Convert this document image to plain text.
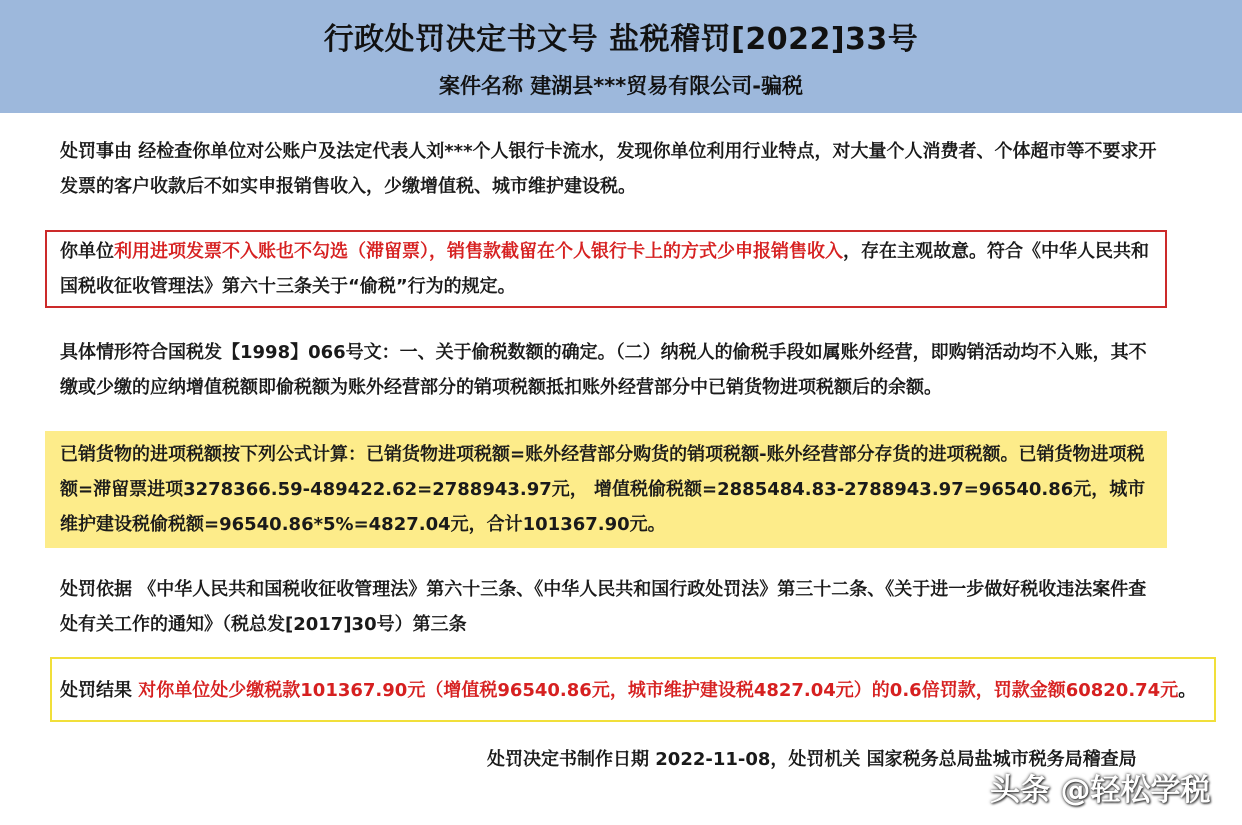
行政处罚决定书文号 盐税稽罚[2022]33号
案件名称 建湖县***贸易有限公司-骗税
处罚事由 经检查你单位对公账户及法定代表人刘***个人银行卡流水，发现你单位利用行业特点，对大量个人消费者、个体超市等不要求开发票的客户收款后不如实申报销售收入，少缴增值税、城市维护建设税。
你单位利用进项发票不入账也不勾选（滞留票），销售款截留在个人银行卡上的方式少申报销售收入，存在主观故意。符合《中华人民共和国税收征收管理法》第六十三条关于“偷税”行为的规定。
具体情形符合国税发【1998】066号文：一、关于偷税数额的确定。（二）纳税人的偷税手段如属账外经营，即购销活动均不入账，其不缴或少缴的应纳增值税额即偷税额为账外经营部分的销项税额抵扣账外经营部分中已销货物进项税额后的余额。
已销货物的进项税额按下列公式计算：已销货物进项税额=账外经营部分购货的销项税额-账外经营部分存货的进项税额。已销货物进项税额=滞留票进项3278366.59-489422.62=2788943.97元， 增值税偷税额=2885484.83-2788943.97=96540.86元，城市维护建设税偷税额=96540.86*5%=4827.04元，合计101367.90元。
处罚依据 《中华人民共和国税收征收管理法》第六十三条、《中华人民共和国行政处罚法》第三十二条、《关于进一步做好税收违法案件查处有关工作的通知》（税总发[2017]30号）第三条
处罚结果 对你单位处少缴税款101367.90元（增值税96540.86元，城市维护建设税4827.04元）的0.6倍罚款，罚款金额60820.74元。
处罚决定书制作日期 2022-11-08，处罚机关 国家税务总局盐城市税务局稽查局
头条 @轻松学税
